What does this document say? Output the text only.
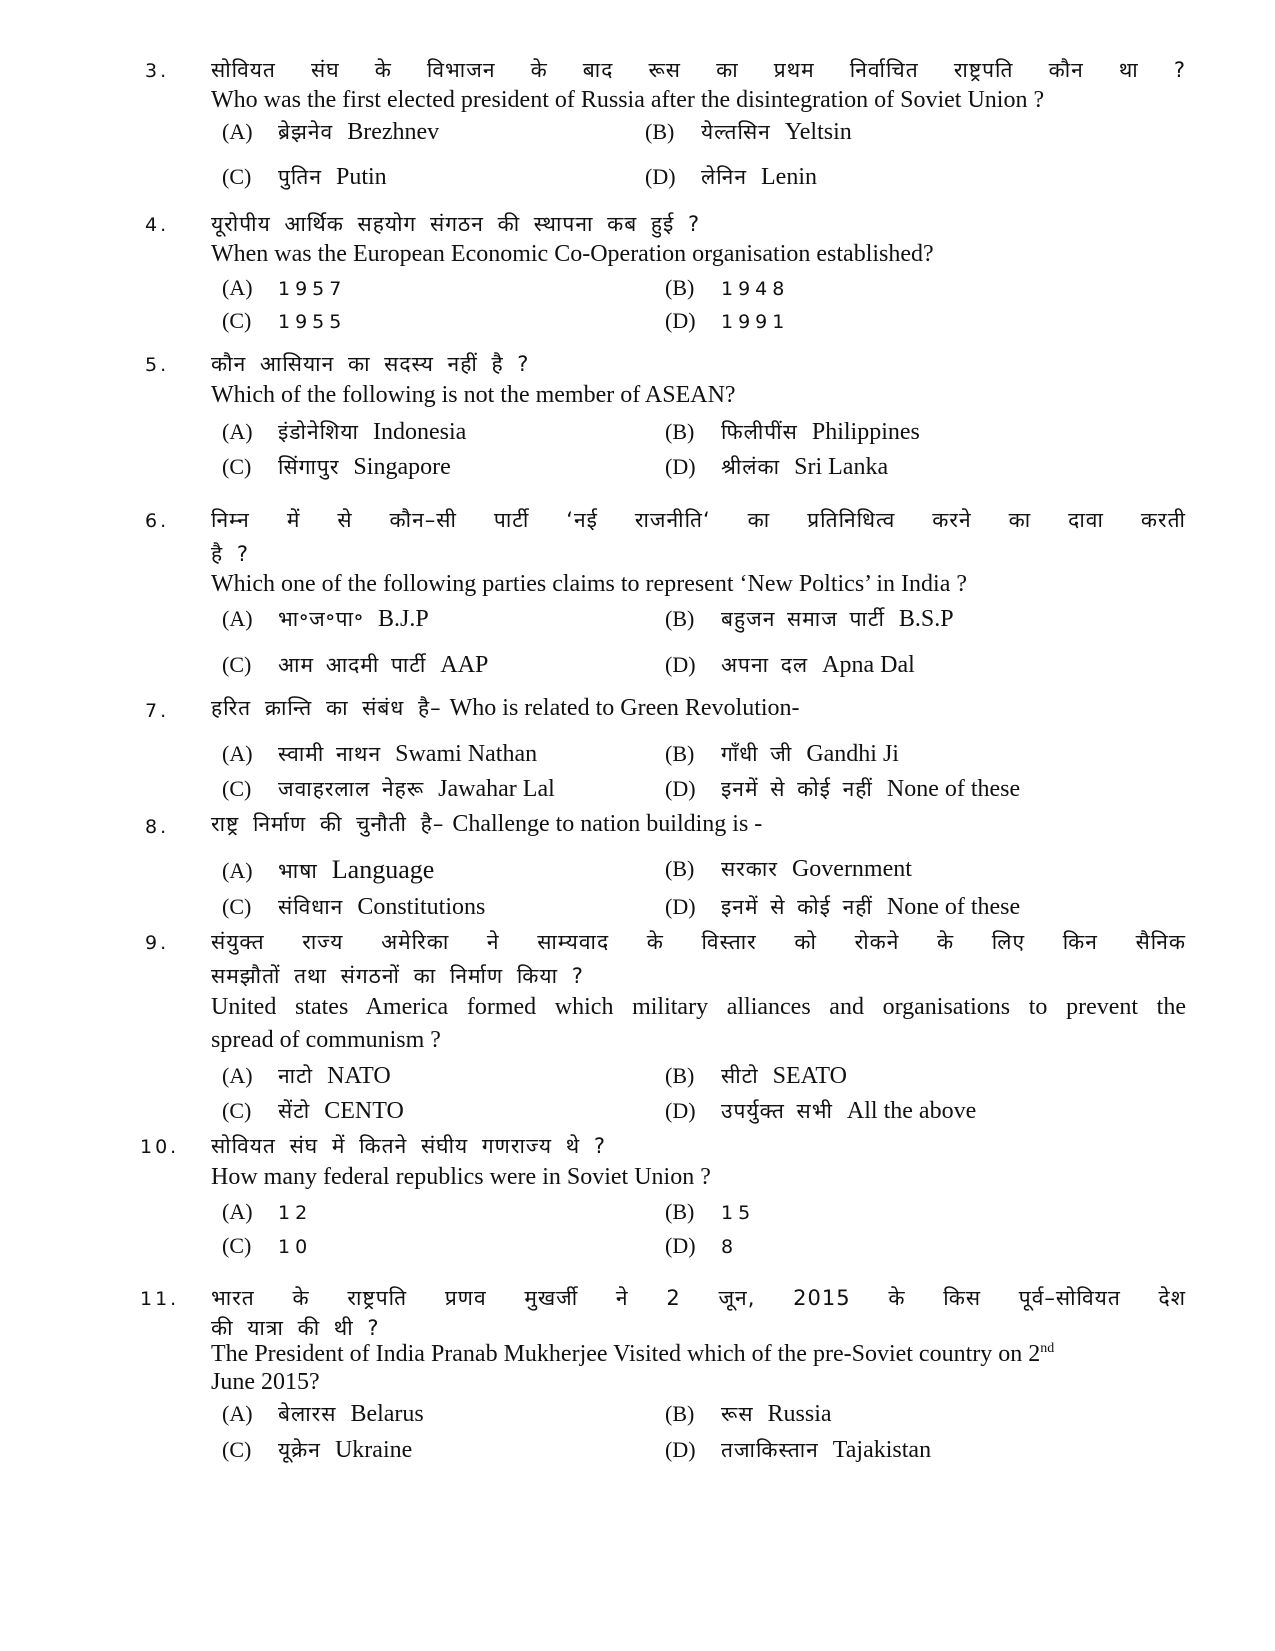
3.	सोवियत संघ के विभाजन के बाद रूस का प्रथम निर्वाचित राष्ट्रपति कौन था ?
Who was the first elected president of Russia after the disintegration of Soviet Union ?
(A) ब्रेझनेव Brezhnev	(B) येल्तसिन Yeltsin
(C) पुतिन Putin	(D) लेनिन Lenin
4.	यूरोपीय आर्थिक सहयोग संगठन की स्थापना कब हुई ?
When was the European Economic Co-Operation organisation established?
(A) 1957	(B) 1948
(C) 1955	(D) 1991
5.	कौन आसियान का सदस्य नहीं है ?
Which of the following is not the member of ASEAN?
(A) इंडोनेशिया Indonesia	(B) फिलीपींस Philippines
(C) सिंगापुर Singapore	(D) श्रीलंका Sri Lanka
6.	निम्न में से कौन–सी पार्टी ‘नई राजनीति‘ का प्रतिनिधित्व करने का दावा करती
है ?
Which one of the following parties claims to represent ‘New Poltics’ in India ?
(A) भा॰ज॰पा॰ B.J.P	(B) बहुजन समाज पार्टी B.S.P
(C) आम आदमी पार्टी AAP	(D) अपना दल Apna Dal
7.	हरित क्रान्ति का संबंध है– Who is related to Green Revolution-
(A) स्वामी नाथन Swami Nathan	(B) गाँधी जी Gandhi Ji
(C) जवाहरलाल नेहरू Jawahar Lal	(D) इनमें से कोई नहीं None of these
8.	राष्ट्र निर्माण की चुनौती है– Challenge to nation building is -
(A) भाषा Language	(B) सरकार Government
(C) संविधान Constitutions	(D) इनमें से कोई नहीं None of these
9.	संयुक्त राज्य अमेरिका ने साम्यवाद के विस्तार को रोकने के लिए किन सैनिक
समझौतों तथा संगठनों का निर्माण किया ?
United states America formed which military alliances and organisations to prevent the
spread of communism ?
(A) नाटो NATO	(B) सीटो SEATO
(C) सेंटो CENTO	(D) उपर्युक्त सभी All the above
10.	सोवियत संघ में कितने संघीय गणराज्य थे ?
How many federal republics were in Soviet Union ?
(A) 12	(B) 15
(C) 10	(D) 8
11.	भारत के राष्ट्रपति प्रणव मुखर्जी ने 2 जून, 2015 के किस पूर्व–सोवियत देश
की यात्रा की थी ?
The President of India Pranab Mukherjee Visited which of the pre-Soviet country on 2nd
June 2015?
(A) बेलारस Belarus	(B) रूस Russia
(C) यूक्रेन Ukraine	(D) तजाकिस्तान Tajakistan
